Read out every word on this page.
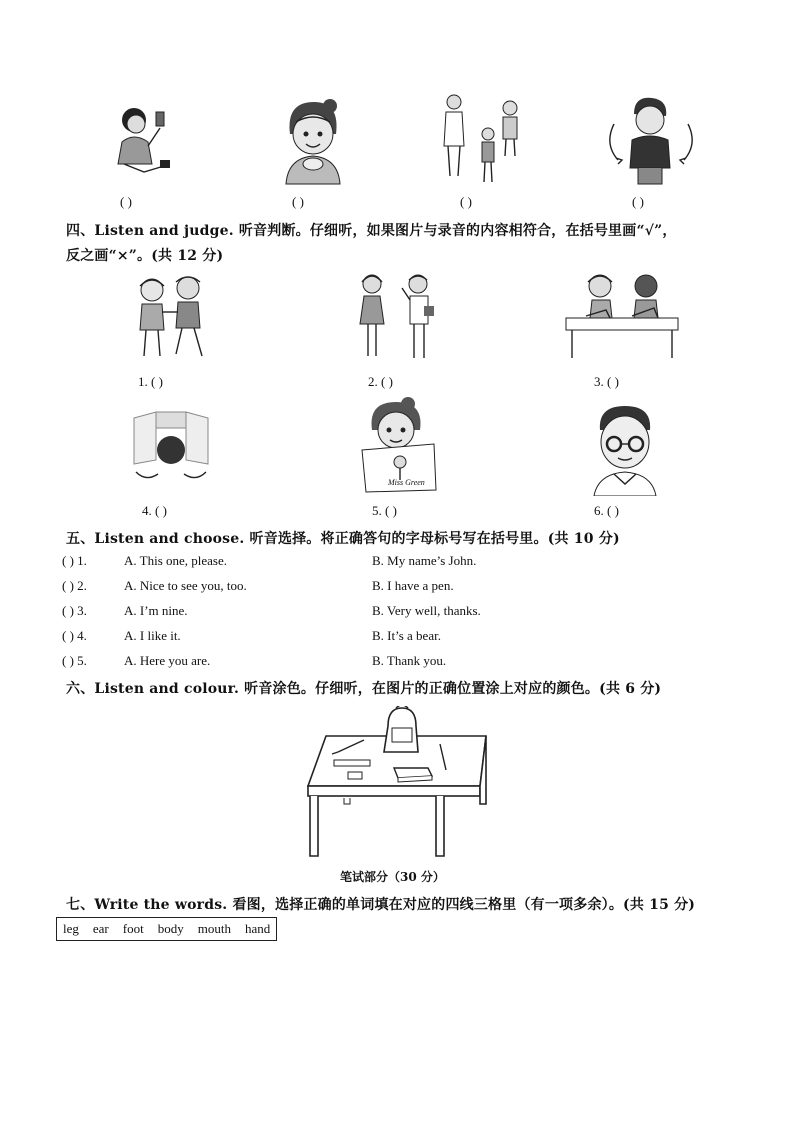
( )	( )	( )	( )
四、Listen and judge. 听音判断。仔细听，如果图片与录音的内容相符合，在括号里画“√”，
反之画“×”。(共 12 分)
1. ( )	2. ( )	3. ( )
Miss Green
4. ( )	5. ( )	6. ( )
五、Listen and choose. 听音选择。将正确答句的字母标号写在括号里。(共 10 分)
( ) 1.	A. This one, please.	B. My name’s John.
( ) 2.	A. Nice to see you, too.	B. I have a pen.
( ) 3.	A. I’m nine.	B. Very well, thanks.
( ) 4.	A. I like it.	B. It’s a bear.
( ) 5.	A. Here you are.	B. Thank you.
六、Listen and colour. 听音涂色。仔细听，在图片的正确位置涂上对应的颜色。(共 6 分)
笔试部分（30 分）
七、Write the words. 看图，选择正确的单词填在对应的四线三格里（有一项多余）。(共 15 分)
leg ear foot body mouth hand
